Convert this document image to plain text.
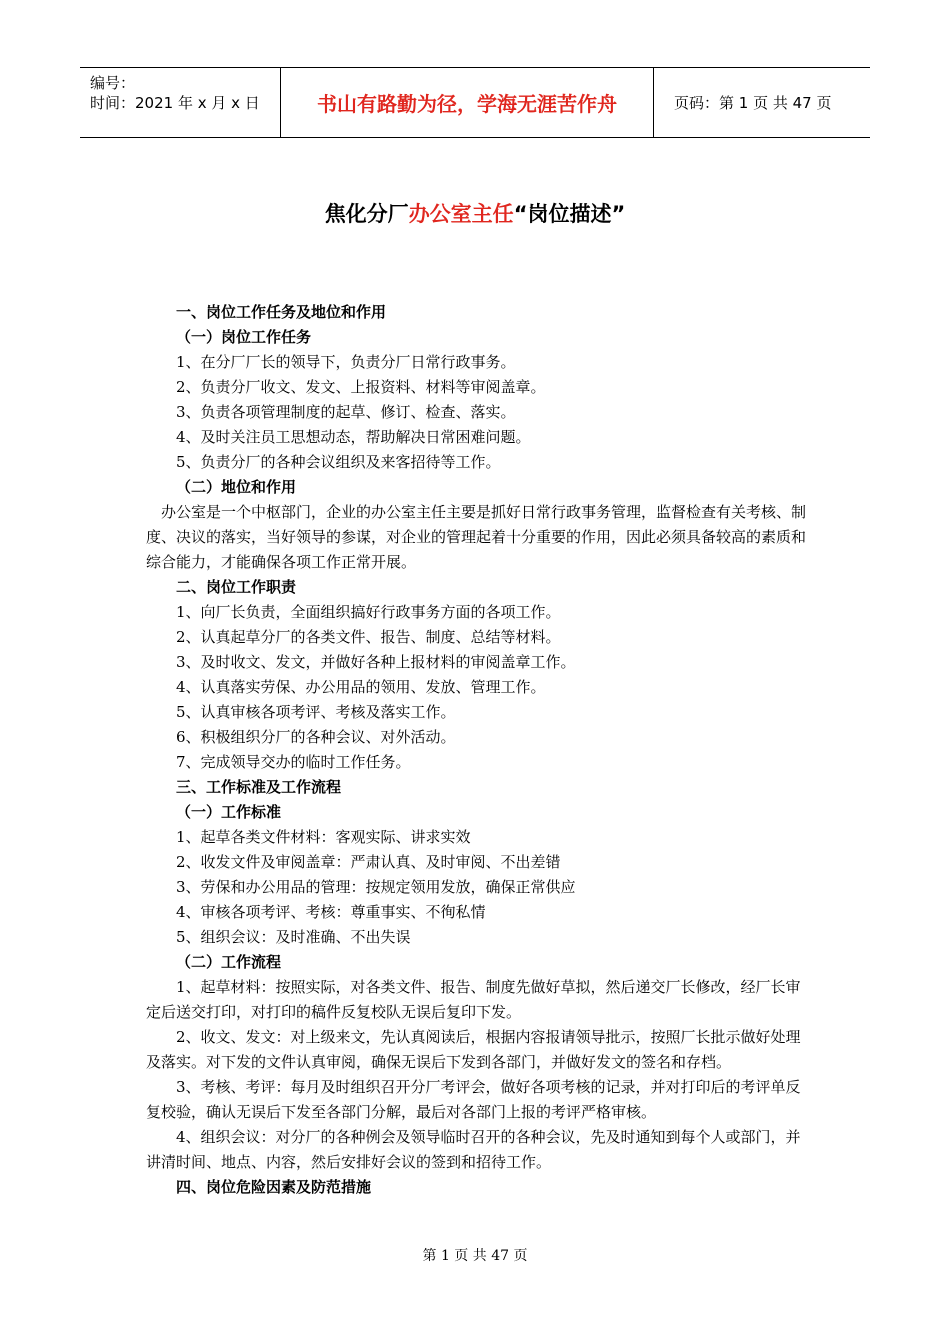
编号：
时间：2021 年 x 月 x 日	书山有路勤为径，学海无涯苦作舟	页码：第 1 页 共 47 页
焦化分厂办公室主任“岗位描述”

一、岗位工作任务及地位和作用

（一）岗位工作任务

1、在分厂厂长的领导下，负责分厂日常行政事务。

2、负责分厂收文、发文、上报资料、材料等审阅盖章。

3、负责各项管理制度的起草、修订、检查、落实。

4、及时关注员工思想动态，帮助解决日常困难问题。

5、负责分厂的各种会议组织及来客招待等工作。

（二）地位和作用

办公室是一个中枢部门，企业的办公室主任主要是抓好日常行政事务管理，监督检查有关考核、制度、决议的落实，当好领导的参谋，对企业的管理起着十分重要的作用，因此必须具备较高的素质和综合能力，才能确保各项工作正常开展。

二、岗位工作职责

1、向厂长负责，全面组织搞好行政事务方面的各项工作。

2、认真起草分厂的各类文件、报告、制度、总结等材料。

3、及时收文、发文，并做好各种上报材料的审阅盖章工作。

4、认真落实劳保、办公用品的领用、发放、管理工作。

5、认真审核各项考评、考核及落实工作。

6、积极组织分厂的各种会议、对外活动。

7、完成领导交办的临时工作任务。

三、工作标准及工作流程

（一）工作标准

1、起草各类文件材料：客观实际、讲求实效

2、收发文件及审阅盖章：严肃认真、及时审阅、不出差错

3、劳保和办公用品的管理：按规定领用发放，确保正常供应

4、审核各项考评、考核：尊重事实、不徇私情

5、组织会议：及时准确、不出失误

（二）工作流程

1、起草材料：按照实际，对各类文件、报告、制度先做好草拟，然后递交厂长修改，经厂长审定后送交打印，对打印的稿件反复校队无误后复印下发。

2、收文、发文：对上级来文，先认真阅读后，根据内容报请领导批示，按照厂长批示做好处理及落实。对下发的文件认真审阅，确保无误后下发到各部门，并做好发文的签名和存档。

3、考核、考评：每月及时组织召开分厂考评会，做好各项考核的记录，并对打印后的考评单反复校验，确认无误后下发至各部门分解，最后对各部门上报的考评严格审核。

4、组织会议：对分厂的各种例会及领导临时召开的各种会议，先及时通知到每个人或部门，并讲清时间、地点、内容，然后安排好会议的签到和招待工作。

四、岗位危险因素及防范措施

第 1 页 共 47 页
